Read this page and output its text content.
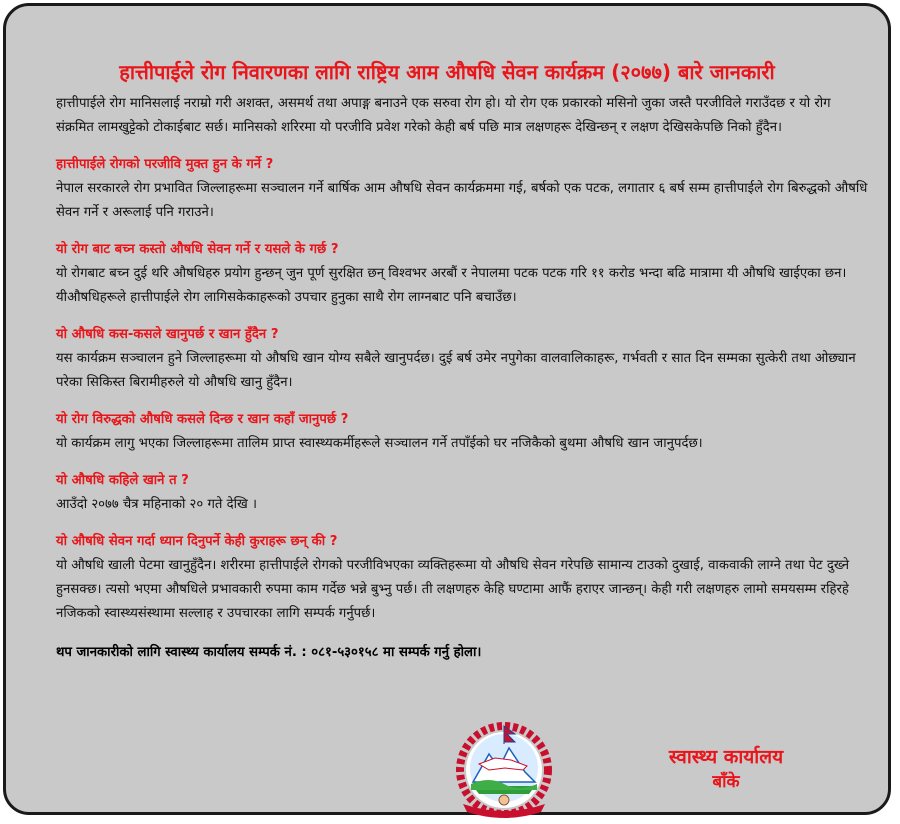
हात्तीपाईले रोग निवारणका लागि राष्ट्रिय आम औषधि सेवन कार्यक्रम (२०७७) बारे जानकारी

हात्तीपाईले रोग मानिसलाई नराम्रो गरी अशक्त, असमर्थ तथा अपाङ्ग बनाउने एक सरुवा रोग हो। यो रोग एक प्रकारको मसिनो जुका जस्तै परजीविले गराउँदछ र यो रोग संक्रमित लामखुट्टेको टोकाईबाट सर्छ। मानिसको शरिरमा यो परजीवि प्रवेश गरेको केही बर्ष पछि मात्र लक्षणहरू देखिन्छन् र लक्षण देखिसकेपछि निको हुँदैन।

हात्तीपाईले रोगको परजीवि मुक्त हुन के गर्ने ?

नेपाल सरकारले रोग प्रभावित जिल्लाहरूमा सञ्चालन गर्ने बार्षिक आम औषधि सेवन कार्यक्रममा गई, बर्षको एक पटक, लगातार ६ बर्ष सम्म हात्तीपाईले रोग बिरुद्धको औषधि सेवन गर्ने र अरूलाई पनि गराउने।

यो रोग बाट बच्न कस्तो औषधि सेवन गर्ने र यसले के गर्छ ?

यो रोगबाट बच्न दुई थरि औषधिहरु प्रयोग हुन्छन् जुन पूर्ण सुरक्षित छन् विश्वभर अरबौं र नेपालमा पटक पटक गरि ११ करोड भन्दा बढि मात्रामा यी औषधि खाईएका छन। यीऔषधिहरूले हात्तीपाईले रोग लागिसकेकाहरूको उपचार हुनुका साथै रोग लाग्नबाट पनि बचाउँछ।

यो औषधि कस-कसले खानुपर्छ र खान हुँदैन ?

यस कार्यक्रम सञ्चालन हुने जिल्लाहरूमा यो औषधि खान योग्य सबैले खानुपर्दछ। दुई बर्ष उमेर नपुगेका वालवालिकाहरू, गर्भवती र सात दिन सम्मका सुत्केरी तथा ओछ्यान परेका सिकिस्त बिरामीहरुले यो औषधि खानु हुँदैन।

यो रोग विरुद्धको औषधि कसले दिन्छ र खान कहाँ जानुपर्छ ?

यो कार्यक्रम लागु भएका जिल्लाहरूमा तालिम प्राप्त स्वास्थ्यकर्मीहरूले सञ्चालन गर्ने तपाँईको घर नजिकैको बुथमा औषधि खान जानुपर्दछ।

यो औषधि कहिले खाने त ?

आउँदो २०७७ चैत्र महिनाको २० गते देखि ।

यो औषधि सेवन गर्दा ध्यान दिनुपर्ने केही कुराहरू छन् की ?

यो औषधि खाली पेटमा खानुहुँदैन। शरीरमा हात्तीपाईले रोगको परजीविभएका व्यक्तिहरूमा यो औषधि सेवन गरेपछि सामान्य टाउको दुखाई, वाकवाकी लाग्ने तथा पेट दुख्ने हुनसक्छ। त्यसो भएमा औषधिले प्रभावकारी रुपमा काम गर्देछ भन्ने बुभ्नु पर्छ। ती लक्षणहरु केहि घण्टामा आफैं हराएर जान्छन्। केही गरी लक्षणहरु लामो समयसम्म रहिरहे नजिकको स्वास्थ्यसंस्थामा सल्लाह र उपचारका लागि सम्पर्क गर्नुपर्छ।

थप जानकारीको लागि स्वास्थ्य कार्यालय सम्पर्क नं. : ०८१-५३०१५८ मा सम्पर्क गर्नु होला।

स्वास्थ्य कार्यालय
बाँके
